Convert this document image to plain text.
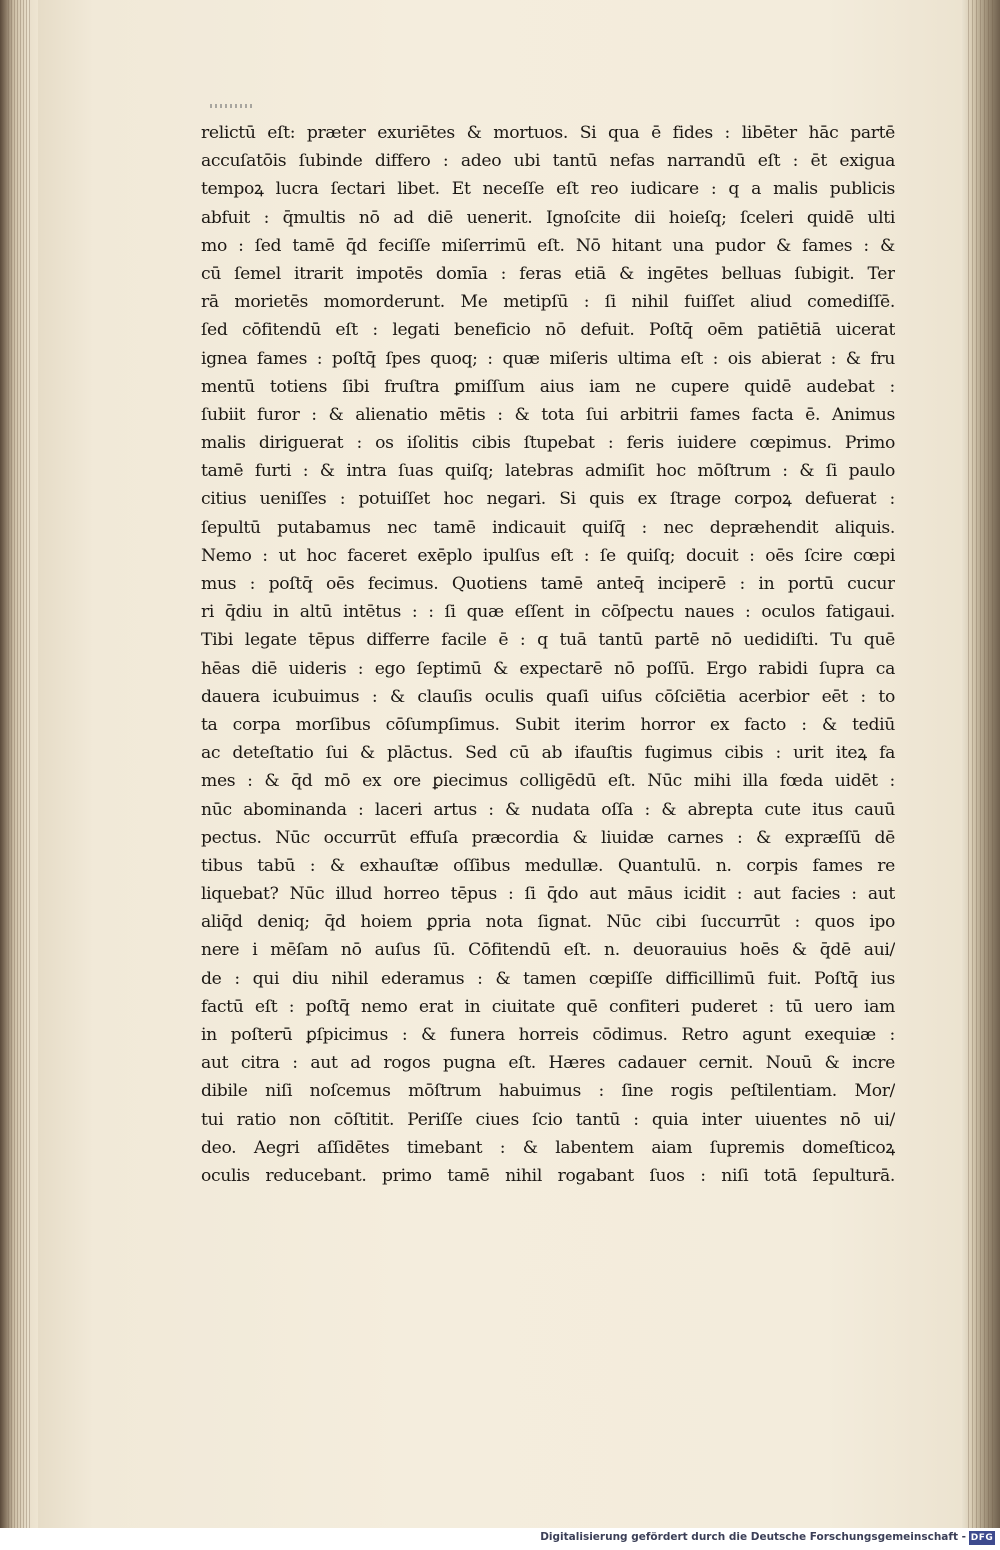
relictū eſt: præter exuriētes & mortuos. Si qua ē fides : libēter hāc partē
accuſatōis ſubinde differo : adeo ubi tantū nefas narrandū eſt : ēt exigua
tempoꝝ lucra ſectari libet. Et neceſſe eſt reo iudicare : q a malis publicis
abfuit : q̄multis nō ad diē uenerit. Ignoſcite dii hoieſq; ſceleri quidē ulti
mo : ſed tamē q̄d feciſſe miſerrimū eſt. Nō hitant una pudor & fames : &
cū ſemel itrarit impotēs domīa : feras etiā & ingētes belluas ſubigit. Ter
rā morietēs momorderunt. Me metipſū : ſi nihil fuiſſet aliud comediſſē.
ſed cōfitendū eſt : legati beneficio nō defuit. Poſtq̄ oēm patiētiā uicerat
ignea fames : poſtq̄ ſpes quoq; : quæ miſeris ultima eſt : ois abierat : & fru
mentū totiens ſibi fruſtra ꝑmiſſum aius iam ne cupere quidē audebat :
ſubiit furor : & alienatio mētis : & tota ſui arbitrii fames facta ē. Animus
malis diriguerat : os iſolitis cibis ſtupebat : feris iuidere cœpimus. Primo
tamē furti : & intra ſuas quiſq; latebras admiſit hoc mōſtrum : & ſi paulo
citius ueniſſes : potuiſſet hoc negari. Si quis ex ſtrage corpoꝝ defuerat :
ſepultū putabamus nec tamē indicauit quiſq̄ : nec depræhendit aliquis.
Nemo : ut hoc faceret exēplo ipulſus eſt : ſe quiſq; docuit : oēs ſcire cœpi
mus : poſtq̄ oēs fecimus. Quotiens tamē anteq̄ inciperē : in portū cucur
ri q̄diu in altū intētus : : ſi quæ eſſent in cōſpectu naues : oculos fatigaui.
Tibi legate tēpus differre facile ē : q tuā tantū partē nō uedidiſti. Tu quē
hēas diē uideris : ego ſeptimū & expectarē nō poſſū. Ergo rabidi ſupra ca
dauera icubuimus : & clauſis oculis quaſi uiſus cōſciētia acerbior eēt : to
ta corpa morſibus cōſumpſimus. Subit iterim horror ex facto : & tediū
ac deteſtatio ſui & plāctus. Sed cū ab ifauſtis fugimus cibis : urit iteꝝ fa
mes : & q̄d mō ex ore ꝑiecimus colligēdū eſt. Nūc mihi illa fœda uidēt :
nūc abominanda : laceri artus : & nudata oſſa : & abrepta cute itus cauū
pectus. Nūc occurrūt effuſa præcordia & liuidæ carnes : & expræſſū dē
tibus tabū : & exhauſtæ oſſibus medullæ. Quantulū. n. corpis fames re
liquebat? Nūc illud horreo tēpus : ſi q̄do aut māus icidit : aut facies : aut
aliq̄d deniq; q̄d hoiem ꝑpria nota ſignat. Nūc cibi ſuccurrūt : quos ipo
nere i mēſam nō auſus ſū. Cōfitendū eſt. n. deuorauius hoēs & q̄dē aui/
de : qui diu nihil ederamus : & tamen cœpiſſe difficillimū fuit. Poſtq̄ ius
factū eſt : poſtq̄ nemo erat in ciuitate quē confiteri puderet : tū uero iam
in poſterū ꝑſpicimus : & funera horreis cōdimus. Retro agunt exequiæ :
aut citra : aut ad rogos pugna eſt. Hæres cadauer cernit. Nouū & incre
dibile niſi noſcemus mōſtrum habuimus : ſine rogis peſtilentiam. Mor/
tui ratio non cōſtitit. Periſſe ciues ſcio tantū : quia inter uiuentes nō ui/
deo. Aegri aſſidētes timebant : & labentem aiam ſupremis domeſticoꝝ
oculis reducebant. primo tamē nihil rogabant ſuos : niſi totā ſepulturā.
Digitalisierung gefördert durch die Deutsche Forschungsgemeinschaft - DFG
